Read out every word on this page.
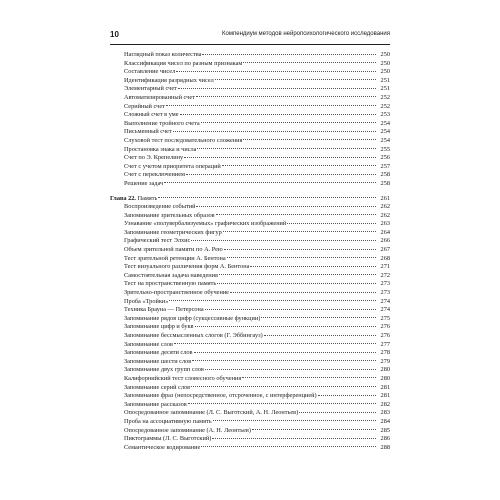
10	Компендиум методов нейропсихологического исследования
Наглядный показ количества	250
Классификация чисел по разным признакам	250
Составление чисел	250
Идентификация разрядных чисел	251
Элементарный счет	251
Автоматизированный счет	252
Серийный счет	252
Сложный счет в уме	253
Выполнение тройного счета	254
Письменный счет	254
Слуховой тест последовательного сложения	254
Простановка знака и числа	255
Счет по Э. Крепелину	256
Счет с учетом приоритета операций	257
Счет с переключением	258
Решение задач	258
Глава 22. Память	261
Воспроизведение событий	262
Запоминание зрительных образов	262
Узнавание «полувербализуемых» графических изображений	263
Запоминание геометрических фигур	264
Графический тест Элхис	266
Объем зрительной памяти по А. Рею	267
Тест зрительной ретенции А. Бентона	268
Тест визуального различения форм А. Бентона	271
Самостоятельная задача наведения	272
Тест на пространственную память	273
Зрительно-пространственное обучение	273
Проба «Тройки»	274
Техника Брауна — Петерсона	274
Запоминание рядов цифр (сукцессивные функции)	275
Запоминание цифр и букв	276
Запоминание бессмысленных слогов (Г. Эббингауз)	276
Запоминание слов	277
Запоминание десяти слов	278
Запоминание шести слов	279
Запоминание двух групп слов	280
Калифорнийский тест словесного обучения	280
Запоминание серий слов	281
Запоминание фраз (непосредственное, отсроченное, с интерференцией)	281
Запоминание рассказов	282
Опосредованное запоминание (Л. С. Выготский, А. Н. Леонтьев)	283
Проба на ассоциативную память	284
Опосредованное запоминание (А. Н. Леонтьев)	285
Пиктограммы (Л. С. Выготский)	286
Семантическое кодирование	288
